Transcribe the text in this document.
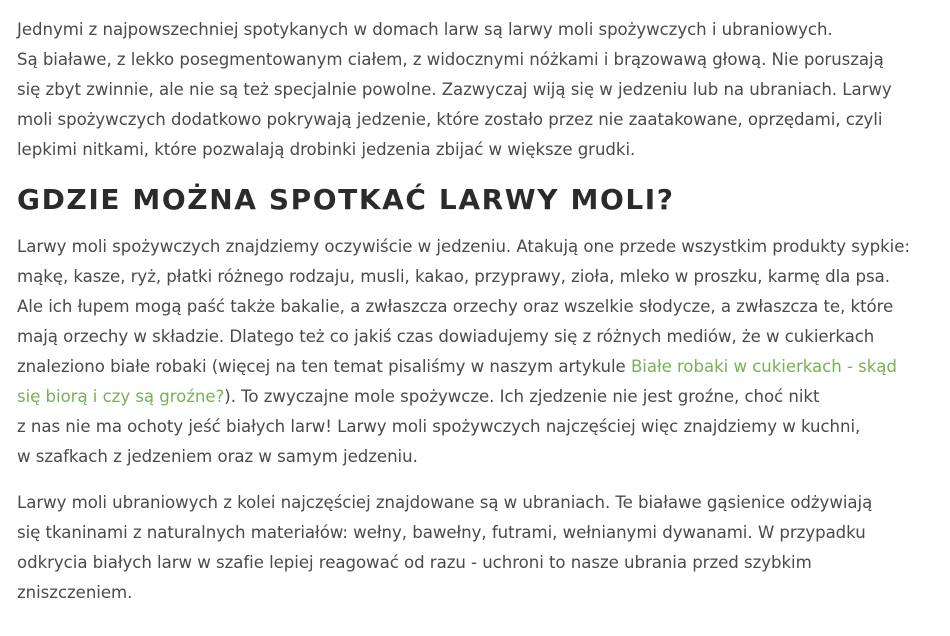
Jednymi z najpowszechniej spotykanych w domach larw są larwy moli spożywczych i ubraniowych.
Są białawe, z lekko posegmentowanym ciałem, z widocznymi nóżkami i brązowawą głową. Nie poruszają
się zbyt zwinnie, ale nie są też specjalnie powolne. Zazwyczaj wiją się w jedzeniu lub na ubraniach. Larwy
moli spożywczych dodatkowo pokrywają jedzenie, które zostało przez nie zaatakowane, oprzędami, czyli
lepkimi nitkami, które pozwalają drobinki jedzenia zbijać w większe grudki.

GDZIE MOŻNA SPOTKAĆ LARWY MOLI?

Larwy moli spożywczych znajdziemy oczywiście w jedzeniu. Atakują one przede wszystkim produkty sypkie:
mąkę, kasze, ryż, płatki różnego rodzaju, musli, kakao, przyprawy, zioła, mleko w proszku, karmę dla psa.
Ale ich łupem mogą paść także bakalie, a zwłaszcza orzechy oraz wszelkie słodycze, a zwłaszcza te, które
mają orzechy w składzie. Dlatego też co jakiś czas dowiadujemy się z różnych mediów, że w cukierkach
znaleziono białe robaki (więcej na ten temat pisaliśmy w naszym artykule Białe robaki w cukierkach - skąd
się biorą i czy są groźne?). To zwyczajne mole spożywcze. Ich zjedzenie nie jest groźne, choć nikt
z nas nie ma ochoty jeść białych larw! Larwy moli spożywczych najczęściej więc znajdziemy w kuchni,
w szafkach z jedzeniem oraz w samym jedzeniu.

Larwy moli ubraniowych z kolei najczęściej znajdowane są w ubraniach. Te białawe gąsienice odżywiają
się tkaninami z naturalnych materiałów: wełny, bawełny, futrami, wełnianymi dywanami. W przypadku
odkrycia białych larw w szafie lepiej reagować od razu - uchroni to nasze ubrania przed szybkim
zniszczeniem.
